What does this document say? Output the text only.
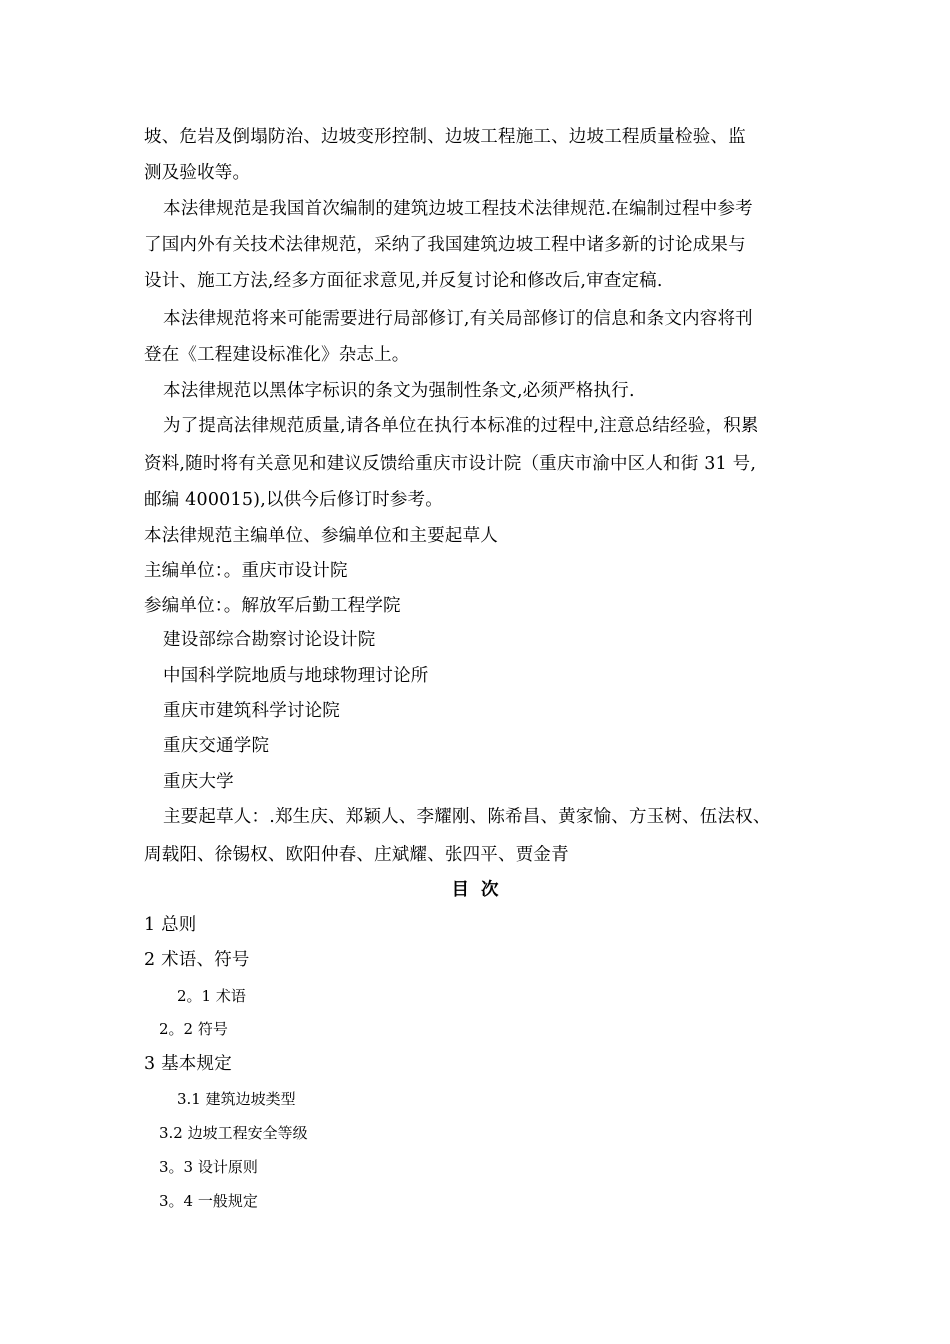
坡、危岩及倒塌防治、边坡变形控制、边坡工程施工、边坡工程质量检验、监
测及验收等。
本法律规范是我国首次编制的建筑边坡工程技术法律规范.在编制过程中参考
了国内外有关技术法律规范，采纳了我国建筑边坡工程中诸多新的讨论成果与
设计、施工方法,经多方面征求意见,并反复讨论和修改后,审查定稿.
本法律规范将来可能需要进行局部修订,有关局部修订的信息和条文内容将刊
登在《工程建设标准化》杂志上。
本法律规范以黑体字标识的条文为强制性条文,必须严格执行.
为了提高法律规范质量,请各单位在执行本标准的过程中,注意总结经验，积累
资料,随时将有关意见和建议反馈给重庆市设计院（重庆市渝中区人和街 31 号,
邮编 400015),以供今后修订时参考。
本法律规范主编单位、参编单位和主要起草人
主编单位：。重庆市设计院
参编单位：。解放军后勤工程学院
建设部综合勘察讨论设计院
中国科学院地质与地球物理讨论所
重庆市建筑科学讨论院
重庆交通学院
重庆大学
主要起草人：.郑生庆、郑颖人、李耀刚、陈希昌、黄家愉、方玉树、伍法权、
周载阳、徐锡权、欧阳仲春、庄斌耀、张四平、贾金青
目次
1 总则
2 术语、符号
2。1 术语
2。2 符号
3 基本规定
3.1 建筑边坡类型
3.2 边坡工程安全等级
3。3 设计原则
3。4 一般规定
